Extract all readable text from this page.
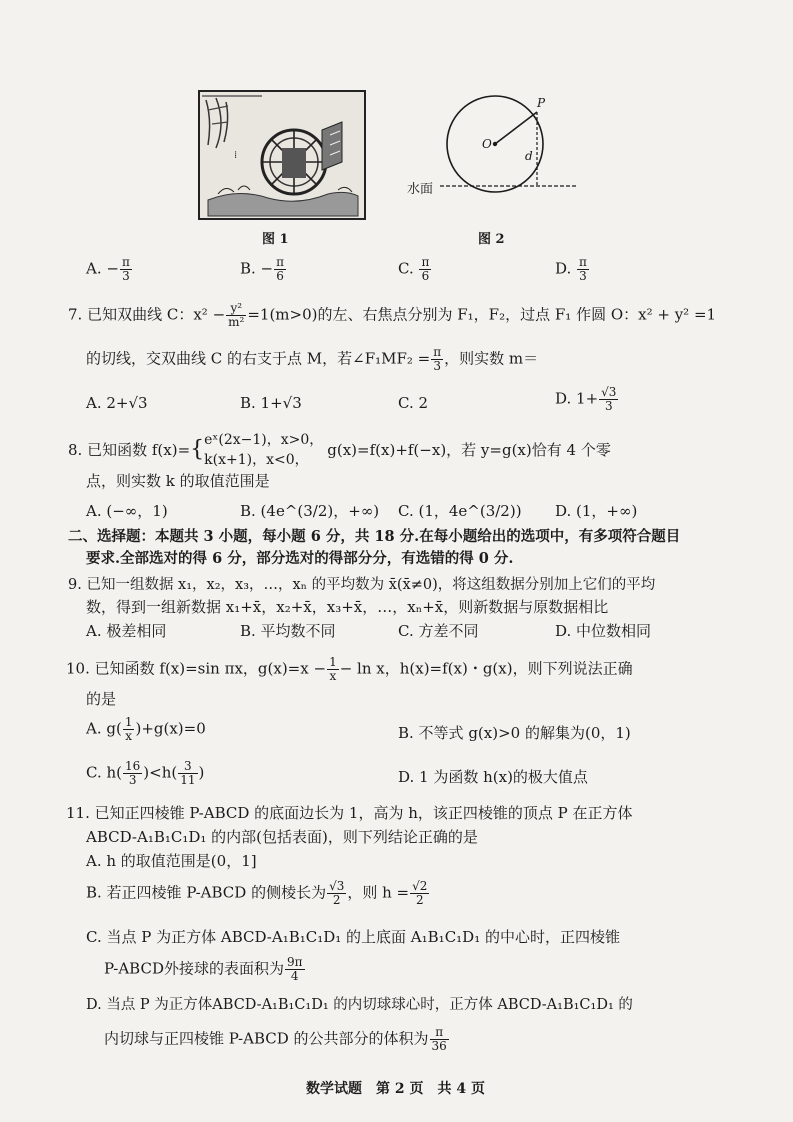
⁞
图 1
O
P
d
水面
图 2
A. − $\frac{\pi}{3}$	B. − $\frac{\pi}{6}$	C. $\frac{\pi}{6}$	D. $\frac{\pi}{3}$
7. 已知双曲线 C：$x^2 - \frac{\text{y²}}{\text{m²}} =1(m>0)$的左、右焦点分别为 F₁，F₂，过点 F₁ 作圆 O：x² + y² =1
的切线，交双曲线 C 的右支于点 M，若∠F₁MF₂ = $\frac{\pi}{3}$ ，则实数 m＝
A. 2+√3	B. 1+√3	C. 2	D. $1+ \frac{√3}{3}$
8. 已知函数 f(x)={ eˣ(2x−1)，x>0，
k(x+1)，x<0，
g(x)=f(x)+f(−x)，若 y=g(x)恰有 4 个零
点，则实数 k 的取值范围是
A. (−∞，1)	B. (4e^(3/2)，+∞) C. (1，4e^(3/2)) D. (1，+∞)
二、选择题：本题共 3 小题，每小题 6 分，共 18 分.在每小题给出的选项中，有多项符合题目
要求.全部选对的得 6 分，部分选对的得部分分，有选错的得 0 分.
9. 已知一组数据 x₁，x₂，x₃，…，xₙ 的平均数为 x̄(x̄≠0)，将这组数据分别加上它们的平均
数，得到一组新数据 x₁+x̄，x₂+x̄，x₃+x̄，…，xₙ+x̄，则新数据与原数据相比
A. 极差相同	B. 平均数不同	C. 方差不同	D. 中位数相同
10. 已知函数 f(x)=sin πx，$g(x)=x - \frac{1}{x} - \ln x$，h(x)=f(x)・g(x)，则下列说法正确
的是
A. $g( \frac{1}{x} )+g(x)=0$	B. 不等式 g(x)>0 的解集为(0，1)
C. $h( \frac{16}{3} )<h( \frac{3}{11}$ )	D. 1 为函数 h(x)的极大值点
11. 已知正四棱锥 P-ABCD 的底面边长为 1，高为 h，该正四棱锥的顶点 P 在正方体
ABCD-A₁B₁C₁D₁ 的内部(包括表面)，则下列结论正确的是
A. h 的取值范围是(0，1]
B. 若正四棱锥 P-ABCD 的侧棱长为 $\frac{√3}{2}$ ，则 $h = \frac{√2}{2}$
C. 当点 P 为正方体 ABCD-A₁B₁C₁D₁ 的上底面 A₁B₁C₁D₁ 的中心时，正四棱锥
P-ABCD外接球的表面积为 $\frac{9\pi}{4}$
D. 当点 P 为正方体ABCD-A₁B₁C₁D₁ 的内切球球心时，正方体 ABCD-A₁B₁C₁D₁ 的
内切球与正四棱锥 P-ABCD 的公共部分的体积为 $\frac{\pi}{36}$
数学试题　第 2 页　共 4 页
